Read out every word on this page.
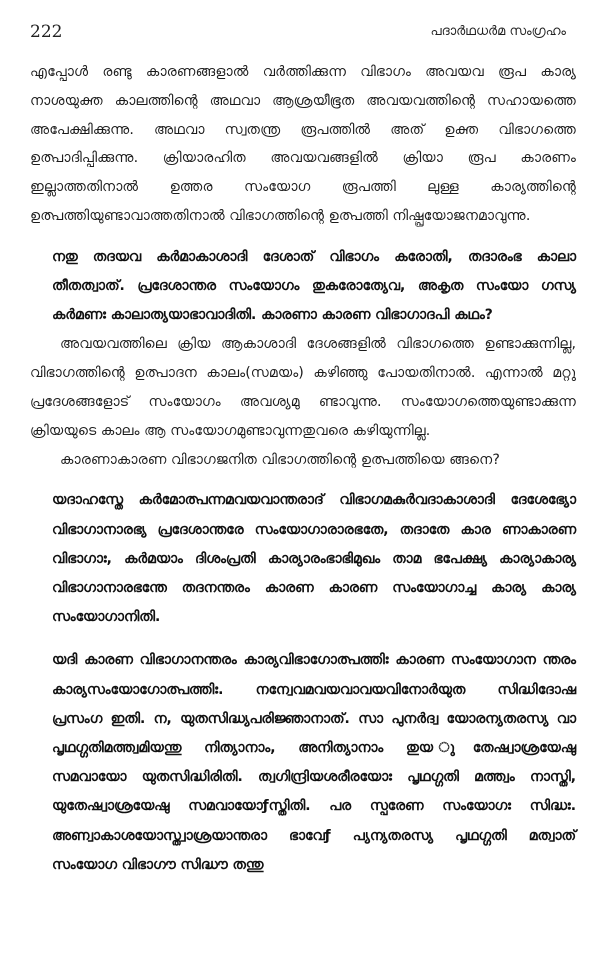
222	പദാർഥധർമ സംഗ്രഹം

എപ്പോൾ രണ്ടു കാരണങ്ങളാൽ വർത്തിക്കുന്ന വിഭാഗം അവയവ രൂപ കാര്യ നാശയുക്ത കാലത്തിന്റെ അഥവാ ആശ്രയീഭൂത അവയവത്തിന്റെ സഹായത്തെ അപേക്ഷിക്കുന്നു. അഥവാ സ്വതന്ത്ര രൂപത്തിൽ അത് ഉക്ത വിഭാഗത്തെ ഉത്പാദിപ്പിക്കുന്നു. ക്രിയാരഹിത അവയവങ്ങളിൽ ക്രിയാ രൂപ കാരണം ഇല്ലാത്തതിനാൽ ഉത്തര സംയോഗ രൂപത്തി ലുള്ള കാര്യത്തിന്റെ ഉത്പത്തിയുണ്ടാവാത്തതിനാൽ വിഭാഗത്തിന്റെ ഉത്പത്തി നിഷ്പ്രയോജനമാവുന്നു.

നതു തദയവ കർമാകാശാദി ദേശാത് വിഭാഗം കരോതി, തദാരംഭ കാലാ തീതത്വാത്. പ്രദേശാന്തര സംയോഗം തുകരോത്യേവ, അകൃത സംയോ ഗസ്യ കർമണഃ കാലാത്യയാഭാവാദിതി. കാരണാ കാരണ വിഭാഗാദപി കഥം?

അവയവത്തിലെ ക്രിയ ആകാശാദി ദേശങ്ങളിൽ വിഭാഗത്തെ ഉണ്ടാക്കുന്നില്ല, വിഭാഗത്തിന്റെ ഉത്പാദന കാലം(സമയം) കഴിഞ്ഞു പോയതിനാൽ. എന്നാൽ മറ്റു പ്രദേശങ്ങളോട് സംയോഗം അവശ്യമു ണ്ടാവുന്നു. സംയോഗത്തെയുണ്ടാക്കുന്ന ക്രിയയുടെ കാലം ആ സംയോഗമുണ്ടാവുന്നതുവരെ കഴിയുന്നില്ല.

കാരണാകാരണ വിഭാഗജനിത വിഭാഗത്തിന്റെ ഉത്പത്തിയെ ങ്ങനെ?

യദാഹസ്തേ കർമോത്പന്നമവയവാന്തരാദ് വിഭാഗമകുർവദാകാശാദി ദേശേഭ്യോ വിഭാഗാനാരഭ്യ പ്രദേശാന്തരേ സംയോഗാരാരഭതേ, തദാതേ കാര ണാകാരണ വിഭാഗാഃ, കർമയാം ദിശംപ്രതി കാര്യാരംഭാഭിമുഖം താമ ഭപേക്ഷ്യ കാര്യാകാര്യ വിഭാഗാനാരഭന്തേ തദനന്തരം കാരണ കാരണ സംയോഗാച്ച കാര്യ കാര്യ സംയോഗാനിതി.

യദി കാരണ വിഭാഗാനന്തരം കാര്യവിഭാഗോത്പത്തിഃ കാരണ സംയോഗാന ന്തരം കാര്യസംയോഗോത്പത്തിഃ. നന്വേവമവയവാവയവിനോർയുത സിദ്ധിദോഷ പ്രസംഗ ഇതി. ന, യുതസിദ്ധ്യപരിജ്ഞാനാത്. സാ പുനർദ്വ യോരന്യതരസ്യ വാ പൃഥഗ്ഗതിമത്ത്വമിയന്തു നിത്യാനാം, അനിത്യാനാം തുയ ുതേഷ്വാശ്രയേഷു സമവായോ യുതസിദ്ധിരിതി. ത്വഗിന്ദ്രിയശരീരയോഃ പൃഥഗ്ഗതി മത്ത്വം നാസ്തി, യുതേഷ്വാശ്രയേഷു സമവായോƒസ്തിതി. പര സ്പരേണ സംയോഗഃ സിദ്ധഃ. അണ്വാകാശയോസ്ത്വാശ്രയാന്തരാ ഭാവേƒ പ്യന്യതരസ്യ പൃഥഗ്ഗതി മത്വാത് സംയോഗ വിഭാഗൗ സിദ്ധൗ തന്തു
